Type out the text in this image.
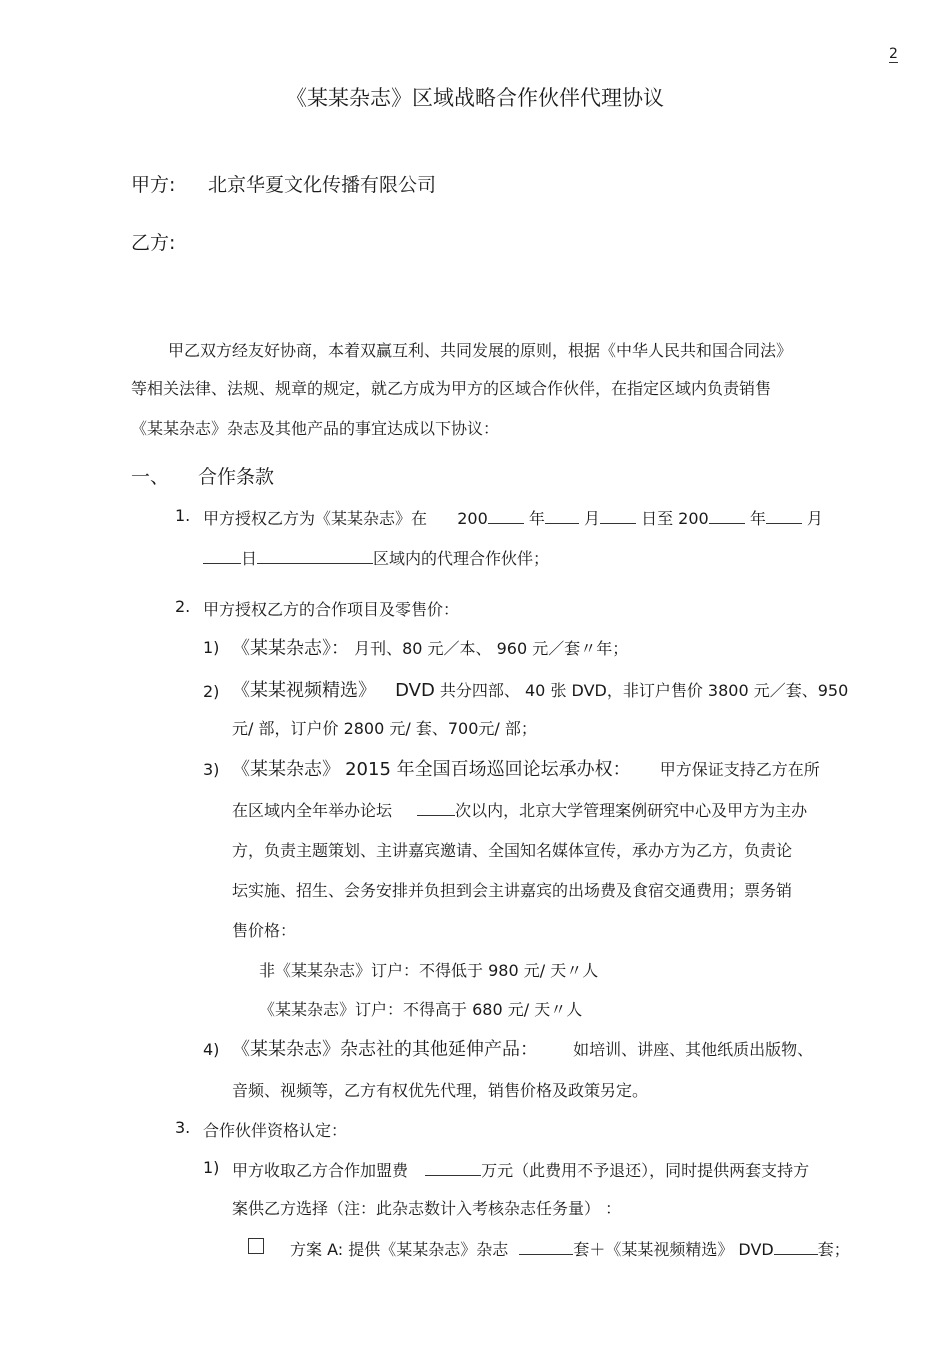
2
《某某杂志》区域战略合作伙伴代理协议
甲方: 北京华夏文化传播有限公司
乙方:
甲乙双方经友好协商，本着双赢互利、共同发展的原则，根据《中华人民共和国合同法》
等相关法律、法规、规章的规定，就乙方成为甲方的区域合作伙伴，在指定区域内负责销售
《某某杂志》杂志及其他产品的事宜达成以下协议：
一、 合作条款
1. 甲方授权乙方为《某某杂志》在 200	年 月	日至 200	年	月
日	区域内的代理合作伙伴；
2. 甲方授权乙方的合作项目及零售价：
1) 《某某杂志》： 月刊、80 元／本、 960 元／套〃年；
2) 《某某视频精选》 DVD 共分四部、 40 张 DVD，非订户售价 3800 元／套、950
元/ 部，订户价 2800 元/ 套、700元/ 部；
3) 《某某杂志》 2015 年全国百场巡回论坛承办权： 甲方保证支持乙方在所
在区域内全年举办论坛	次以内，北京大学管理案例研究中心及甲方为主办
方，负责主题策划、主讲嘉宾邀请、全国知名媒体宣传，承办方为乙方，负责论
坛实施、招生、会务安排并负担到会主讲嘉宾的出场费及食宿交通费用；票务销
售价格：
非《某某杂志》订户：不得低于 980 元/ 天〃人
《某某杂志》订户：不得高于 680 元/ 天〃人
4) 《某某杂志》杂志社的其他延伸产品： 如培训、讲座、其他纸质出版物、
音频、视频等，乙方有权优先代理，销售价格及政策另定。
3. 合作伙伴资格认定：
1) 甲方收取乙方合作加盟费	万元（此费用不予退还），同时提供两套支持方
案供乙方选择（注：此杂志数计入考核杂志任务量） ：
方案 A: 提供《某某杂志》杂志	套＋《某某视频精选》 DVD	套；
